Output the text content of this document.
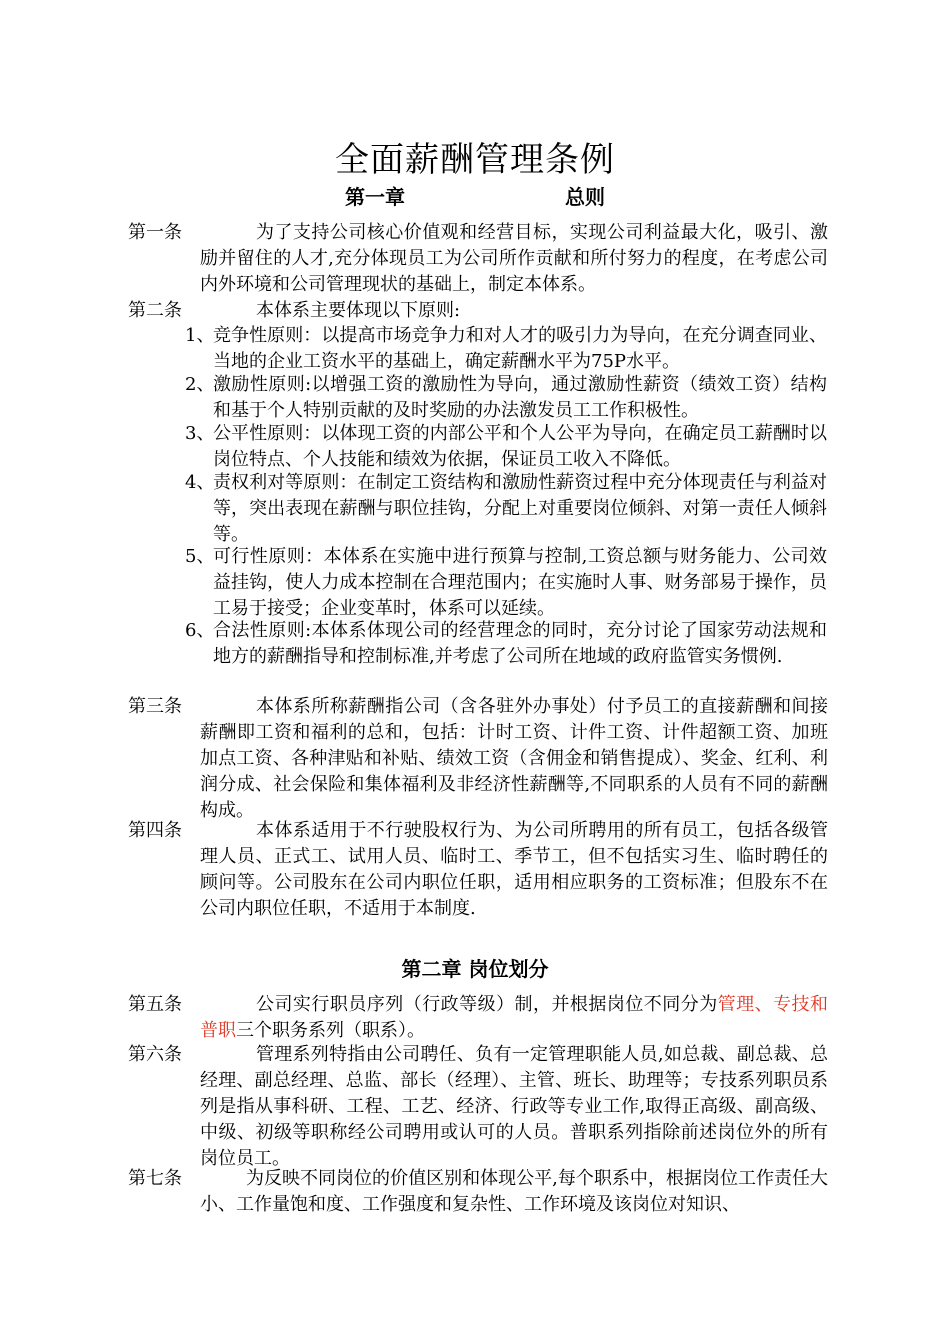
全面薪酬管理条例
第一章	总则
第一条	为了支持公司核心价值观和经营目标，实现公司利益最大化，吸引、激励并留住的人才,充分体现员工为公司所作贡献和所付努力的程度，在考虑公司内外环境和公司管理现状的基础上，制定本体系。
第二条	本体系主要体现以下原则:
1、
竞争性原则：以提高市场竞争力和对人才的吸引力为导向，在充分调查同业、当地的企业工资水平的基础上，确定薪酬水平为75P水平。
2、
激励性原则:以增强工资的激励性为导向，通过激励性薪资（绩效工资）结构和基于个人特别贡献的及时奖励的办法激发员工工作积极性。
3、
公平性原则：以体现工资的内部公平和个人公平为导向，在确定员工薪酬时以岗位特点、个人技能和绩效为依据，保证员工收入不降低。
4、
责权利对等原则：在制定工资结构和激励性薪资过程中充分体现责任与利益对等，突出表现在薪酬与职位挂钩，分配上对重要岗位倾斜、对第一责任人倾斜等。
5、
可行性原则：本体系在实施中进行预算与控制,工资总额与财务能力、公司效益挂钩，使人力成本控制在合理范围内；在实施时人事、财务部易于操作，员工易于接受；企业变革时，体系可以延续。
6、
合法性原则:本体系体现公司的经营理念的同时，充分讨论了国家劳动法规和地方的薪酬指导和控制标准,并考虑了公司所在地域的政府监管实务惯例.
第三条	本体系所称薪酬指公司（含各驻外办事处）付予员工的直接薪酬和间接薪酬即工资和福利的总和，包括：计时工资、计件工资、计件超额工资、加班加点工资、各种津贴和补贴、绩效工资（含佣金和销售提成）、奖金、红利、利润分成、社会保险和集体福利及非经济性薪酬等,不同职系的人员有不同的薪酬构成。
第四条	本体系适用于不行驶股权行为、为公司所聘用的所有员工，包括各级管理人员、正式工、试用人员、临时工、季节工，但不包括实习生、临时聘任的顾问等。公司股东在公司内职位任职，适用相应职务的工资标准；但股东不在公司内职位任职，不适用于本制度.
第二章 岗位划分
第五条	公司实行职员序列（行政等级）制，并根据岗位不同分为管理、专技和普职三个职务系列（职系）。
第六条	管理系列特指由公司聘任、负有一定管理职能人员,如总裁、副总裁、总经理、副总经理、总监、部长（经理）、主管、班长、助理等；专技系列职员系列是指从事科研、工程、工艺、经济、行政等专业工作,取得正高级、副高级、中级、初级等职称经公司聘用或认可的人员。普职系列指除前述岗位外的所有岗位员工。
第七条	为反映不同岗位的价值区别和体现公平,每个职系中，根据岗位工作责任大小、工作量饱和度、工作强度和复杂性、工作环境及该岗位对知识、
